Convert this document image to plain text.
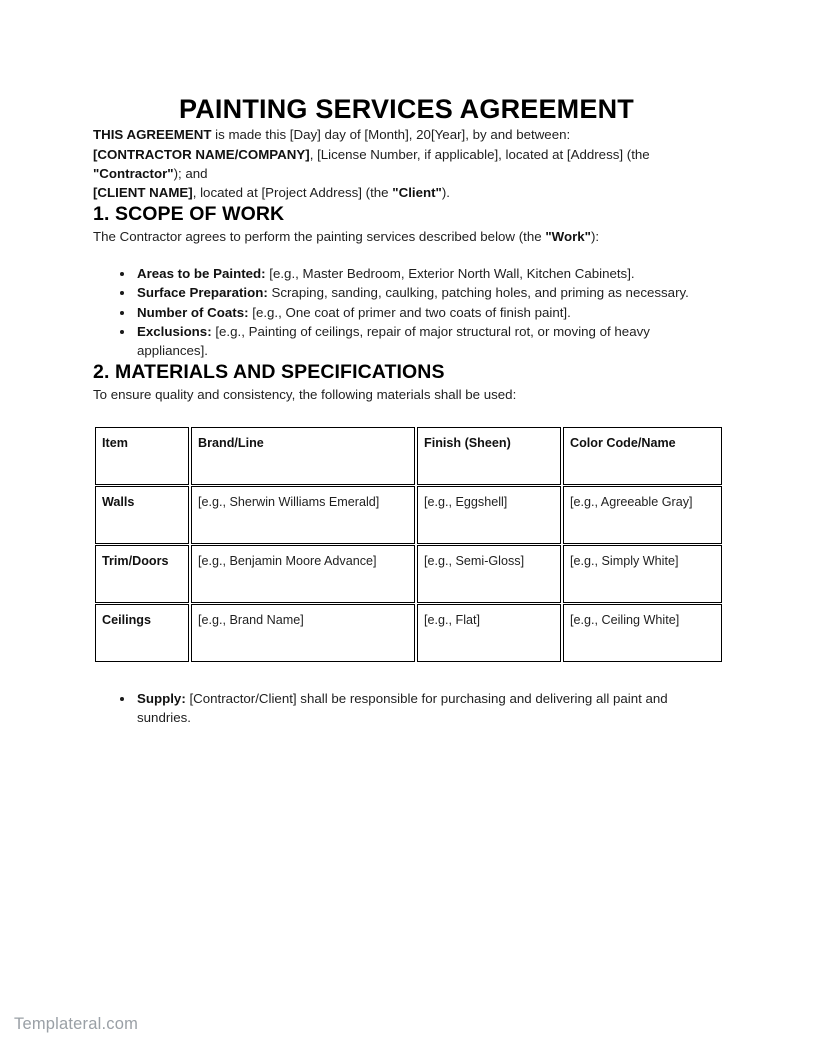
PAINTING SERVICES AGREEMENT

THIS AGREEMENT is made this [Day] day of [Month], 20[Year], by and between:

[CONTRACTOR NAME/COMPANY], [License Number, if applicable], located at [Address] (the "Contractor"); and

[CLIENT NAME], located at [Project Address] (the "Client").

1. SCOPE OF WORK

The Contractor agrees to perform the painting services described below (the "Work"):

Areas to be Painted: [e.g., Master Bedroom, Exterior North Wall, Kitchen Cabinets].
Surface Preparation: Scraping, sanding, caulking, patching holes, and priming as necessary.
Number of Coats: [e.g., One coat of primer and two coats of finish paint].
Exclusions: [e.g., Painting of ceilings, repair of major structural rot, or moving of heavy appliances].
2. MATERIALS AND SPECIFICATIONS

To ensure quality and consistency, the following materials shall be used:

Item	Brand/Line	Finish (Sheen)	Color Code/Name
Walls	[e.g., Sherwin Williams Emerald]	[e.g., Eggshell]	[e.g., Agreeable Gray]
Trim/Doors	[e.g., Benjamin Moore Advance]	[e.g., Semi-Gloss]	[e.g., Simply White]
Ceilings	[e.g., Brand Name]	[e.g., Flat]	[e.g., Ceiling White]
Supply: [Contractor/Client] shall be responsible for purchasing and delivering all paint and sundries.
Templateral.com
